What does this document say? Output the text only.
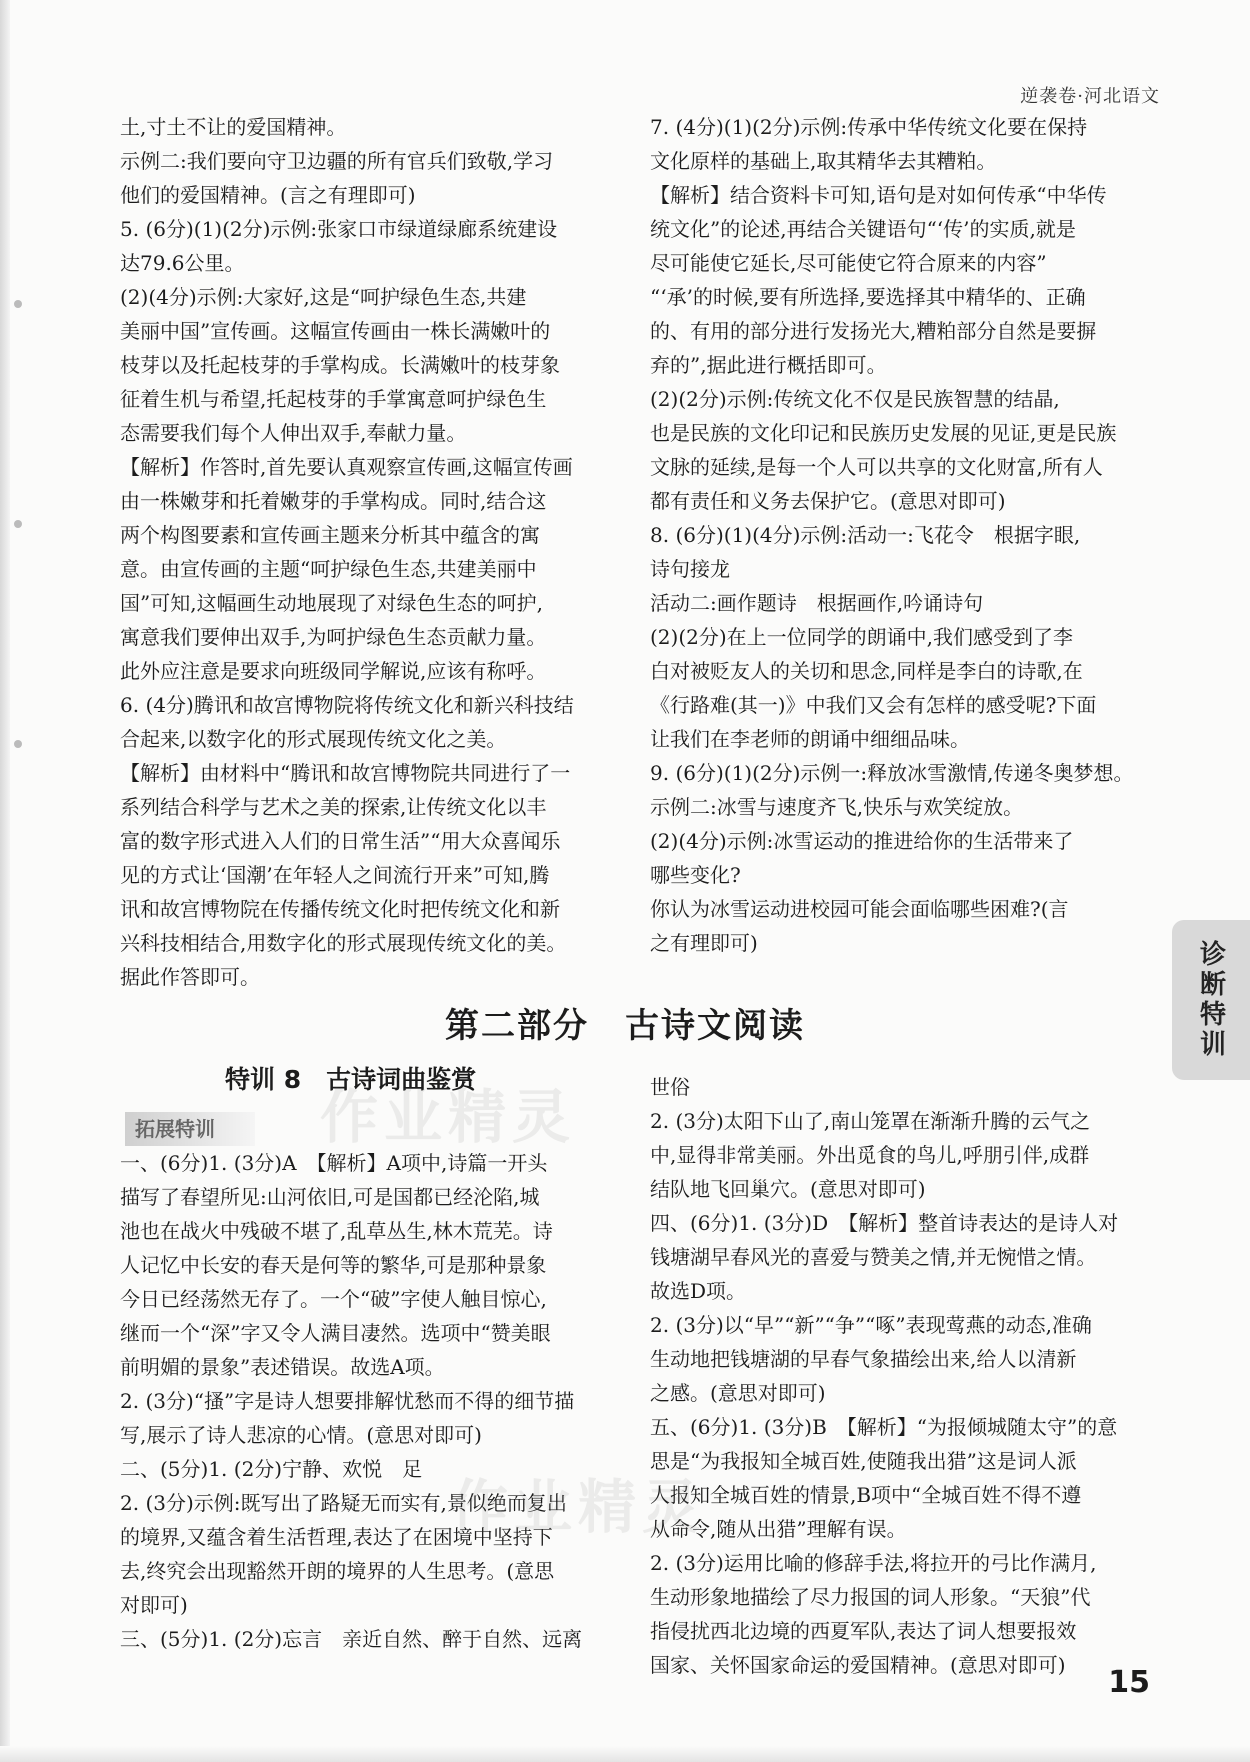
逆袭卷·河北语文

土,寸土不让的爱国精神。

示例二:我们要向守卫边疆的所有官兵们致敬,学习

他们的爱国精神。(言之有理即可)

5. (6分)(1)(2分)示例:张家口市绿道绿廊系统建设

达79.6公里。

(2)(4分)示例:大家好,这是“呵护绿色生态,共建

美丽中国”宣传画。这幅宣传画由一株长满嫩叶的

枝芽以及托起枝芽的手掌构成。长满嫩叶的枝芽象

征着生机与希望,托起枝芽的手掌寓意呵护绿色生

态需要我们每个人伸出双手,奉献力量。

【解析】作答时,首先要认真观察宣传画,这幅宣传画

由一株嫩芽和托着嫩芽的手掌构成。同时,结合这

两个构图要素和宣传画主题来分析其中蕴含的寓

意。由宣传画的主题“呵护绿色生态,共建美丽中

国”可知,这幅画生动地展现了对绿色生态的呵护,

寓意我们要伸出双手,为呵护绿色生态贡献力量。

此外应注意是要求向班级同学解说,应该有称呼。

6. (4分)腾讯和故宫博物院将传统文化和新兴科技结

合起来,以数字化的形式展现传统文化之美。

【解析】由材料中“腾讯和故宫博物院共同进行了一

系列结合科学与艺术之美的探索,让传统文化以丰

富的数字形式进入人们的日常生活”“用大众喜闻乐

见的方式让‘国潮’在年轻人之间流行开来”可知,腾

讯和故宫博物院在传播传统文化时把传统文化和新

兴科技相结合,用数字化的形式展现传统文化的美。

据此作答即可。

7. (4分)(1)(2分)示例:传承中华传统文化要在保持

文化原样的基础上,取其精华去其糟粕。

【解析】结合资料卡可知,语句是对如何传承“中华传

统文化”的论述,再结合关键语句“‘传’的实质,就是

尽可能使它延长,尽可能使它符合原来的内容”

“‘承’的时候,要有所选择,要选择其中精华的、正确

的、有用的部分进行发扬光大,糟粕部分自然是要摒

弃的”,据此进行概括即可。

(2)(2分)示例:传统文化不仅是民族智慧的结晶,

也是民族的文化印记和民族历史发展的见证,更是民族

文脉的延续,是每一个人可以共享的文化财富,所有人

都有责任和义务去保护它。(意思对即可)

8. (6分)(1)(4分)示例:活动一:飞花令　根据字眼,

诗句接龙

活动二:画作题诗　根据画作,吟诵诗句

(2)(2分)在上一位同学的朗诵中,我们感受到了李

白对被贬友人的关切和思念,同样是李白的诗歌,在

《行路难(其一)》中我们又会有怎样的感受呢?下面

让我们在李老师的朗诵中细细品味。

9. (6分)(1)(2分)示例一:释放冰雪激情,传递冬奥梦想。

示例二:冰雪与速度齐飞,快乐与欢笑绽放。

(2)(4分)示例:冰雪运动的推进给你的生活带来了

哪些变化?

你认为冰雪运动进校园可能会面临哪些困难?(言

之有理即可)

第二部分　古诗文阅读
特训 8　古诗词曲鉴赏
拓展特训

一、(6分)1. (3分)A　【解析】A项中,诗篇一开头

描写了春望所见:山河依旧,可是国都已经沦陷,城

池也在战火中残破不堪了,乱草丛生,林木荒芜。诗

人记忆中长安的春天是何等的繁华,可是那种景象

今日已经荡然无存了。一个“破”字使人触目惊心,

继而一个“深”字又令人满目凄然。选项中“赞美眼

前明媚的景象”表述错误。故选A项。

2. (3分)“搔”字是诗人想要排解忧愁而不得的细节描

写,展示了诗人悲凉的心情。(意思对即可)

二、(5分)1. (2分)宁静、欢悦　足

2. (3分)示例:既写出了路疑无而实有,景似绝而复出

的境界,又蕴含着生活哲理,表达了在困境中坚持下

去,终究会出现豁然开朗的境界的人生思考。(意思

对即可)

三、(5分)1. (2分)忘言　亲近自然、醉于自然、远离

世俗

2. (3分)太阳下山了,南山笼罩在渐渐升腾的云气之

中,显得非常美丽。外出觅食的鸟儿,呼朋引伴,成群

结队地飞回巢穴。(意思对即可)

四、(6分)1. (3分)D　【解析】整首诗表达的是诗人对

钱塘湖早春风光的喜爱与赞美之情,并无惋惜之情。

故选D项。

2. (3分)以“早”“新”“争”“啄”表现莺燕的动态,准确

生动地把钱塘湖的早春气象描绘出来,给人以清新

之感。(意思对即可)

五、(6分)1. (3分)B　【解析】“为报倾城随太守”的意

思是“为我报知全城百姓,使随我出猎”这是词人派

人报知全城百姓的情景,B项中“全城百姓不得不遵

从命令,随从出猎”理解有误。

2. (3分)运用比喻的修辞手法,将拉开的弓比作满月,

生动形象地描绘了尽力报国的词人形象。“天狼”代

指侵扰西北边境的西夏军队,表达了词人想要报效

国家、关怀国家命运的爱国精神。(意思对即可)

诊断特训
15
作业精灵
作业精灵
